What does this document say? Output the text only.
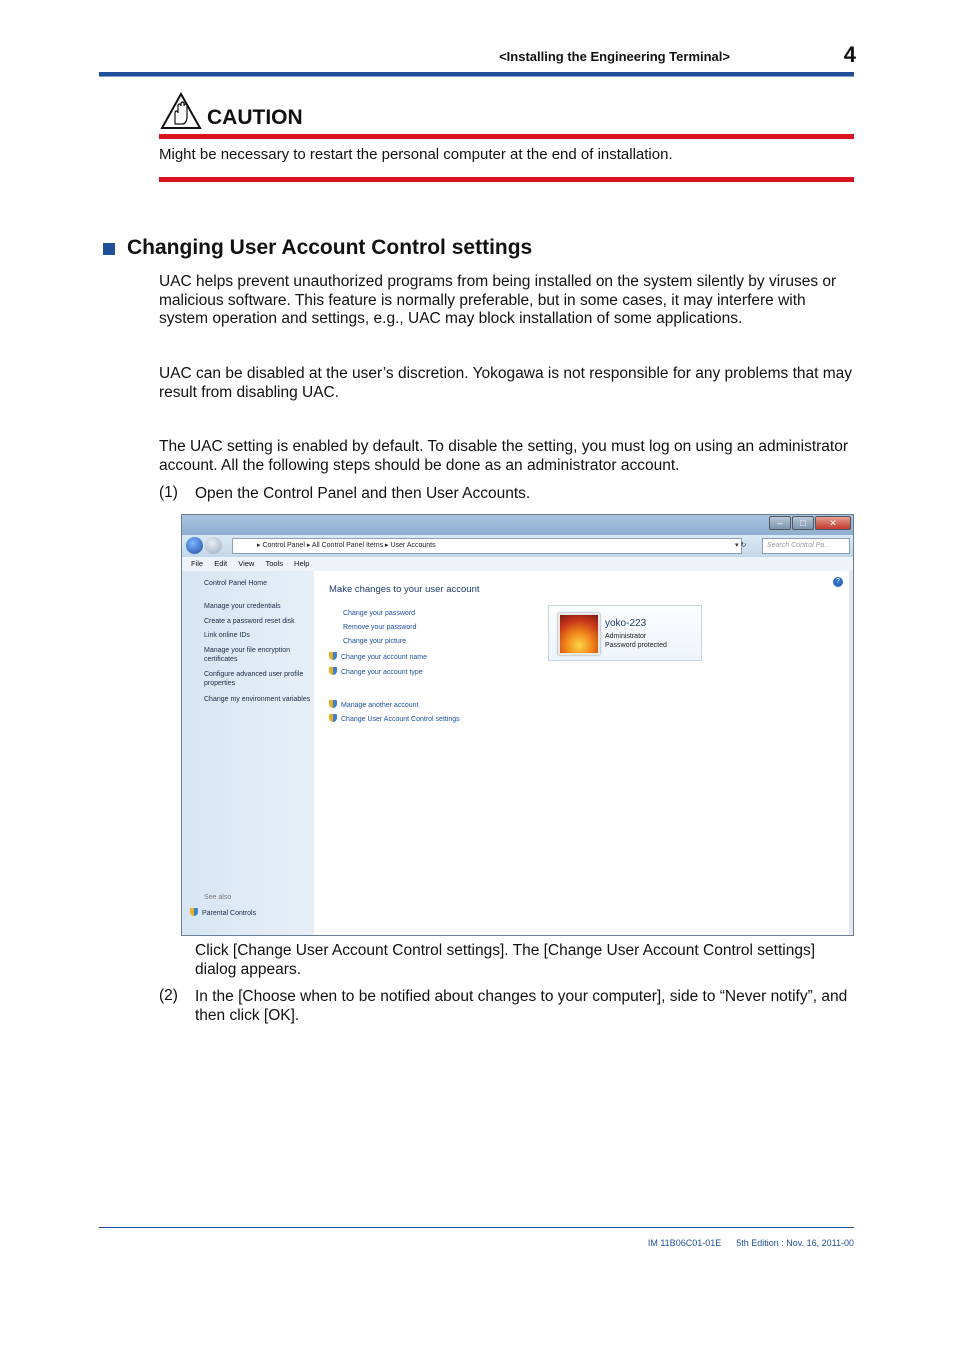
<Installing the Engineering Terminal>	4
CAUTION
Might be necessary to restart the personal computer at the end of installation.
Changing User Account Control settings
UAC helps prevent unauthorized programs from being installed on the system silently by viruses or malicious software. This feature is normally preferable, but in some cases, it may interfere with system operation and settings, e.g., UAC may block installation of some applications.
UAC can be disabled at the user’s discretion. Yokogawa is not responsible for any problems that may result from disabling UAC.
The UAC setting is enabled by default. To disable the setting, you must log on using an administrator account. All the following steps should be done as an administrator account.
(1) Open the Control Panel and then User Accounts.
–	□	✕
▸ Control Panel ▸ All Control Panel Items ▸ User Accounts	▾ ↻	Search Control Pa...
File Edit View Tools Help
Control Panel Home
Manage your credentials
Create a password reset disk
Link online IDs
Manage your file encryption certificates
Configure advanced user profile properties
Change my environment variables
See also
Parental Controls
?
Make changes to your user account
Change your password
Remove your password
Change your picture
Change your account name
Change your account type
Manage another account
Change User Account Control settings
yoko-223
Administrator
Password protected
Click [Change User Account Control settings]. The [Change User Account Control settings] dialog appears.
(2) In the [Choose when to be notified about changes to your computer], side to “Never notify”, and then click [OK].
IM 11B06C01-01E 5th Edition : Nov. 16, 2011-00
